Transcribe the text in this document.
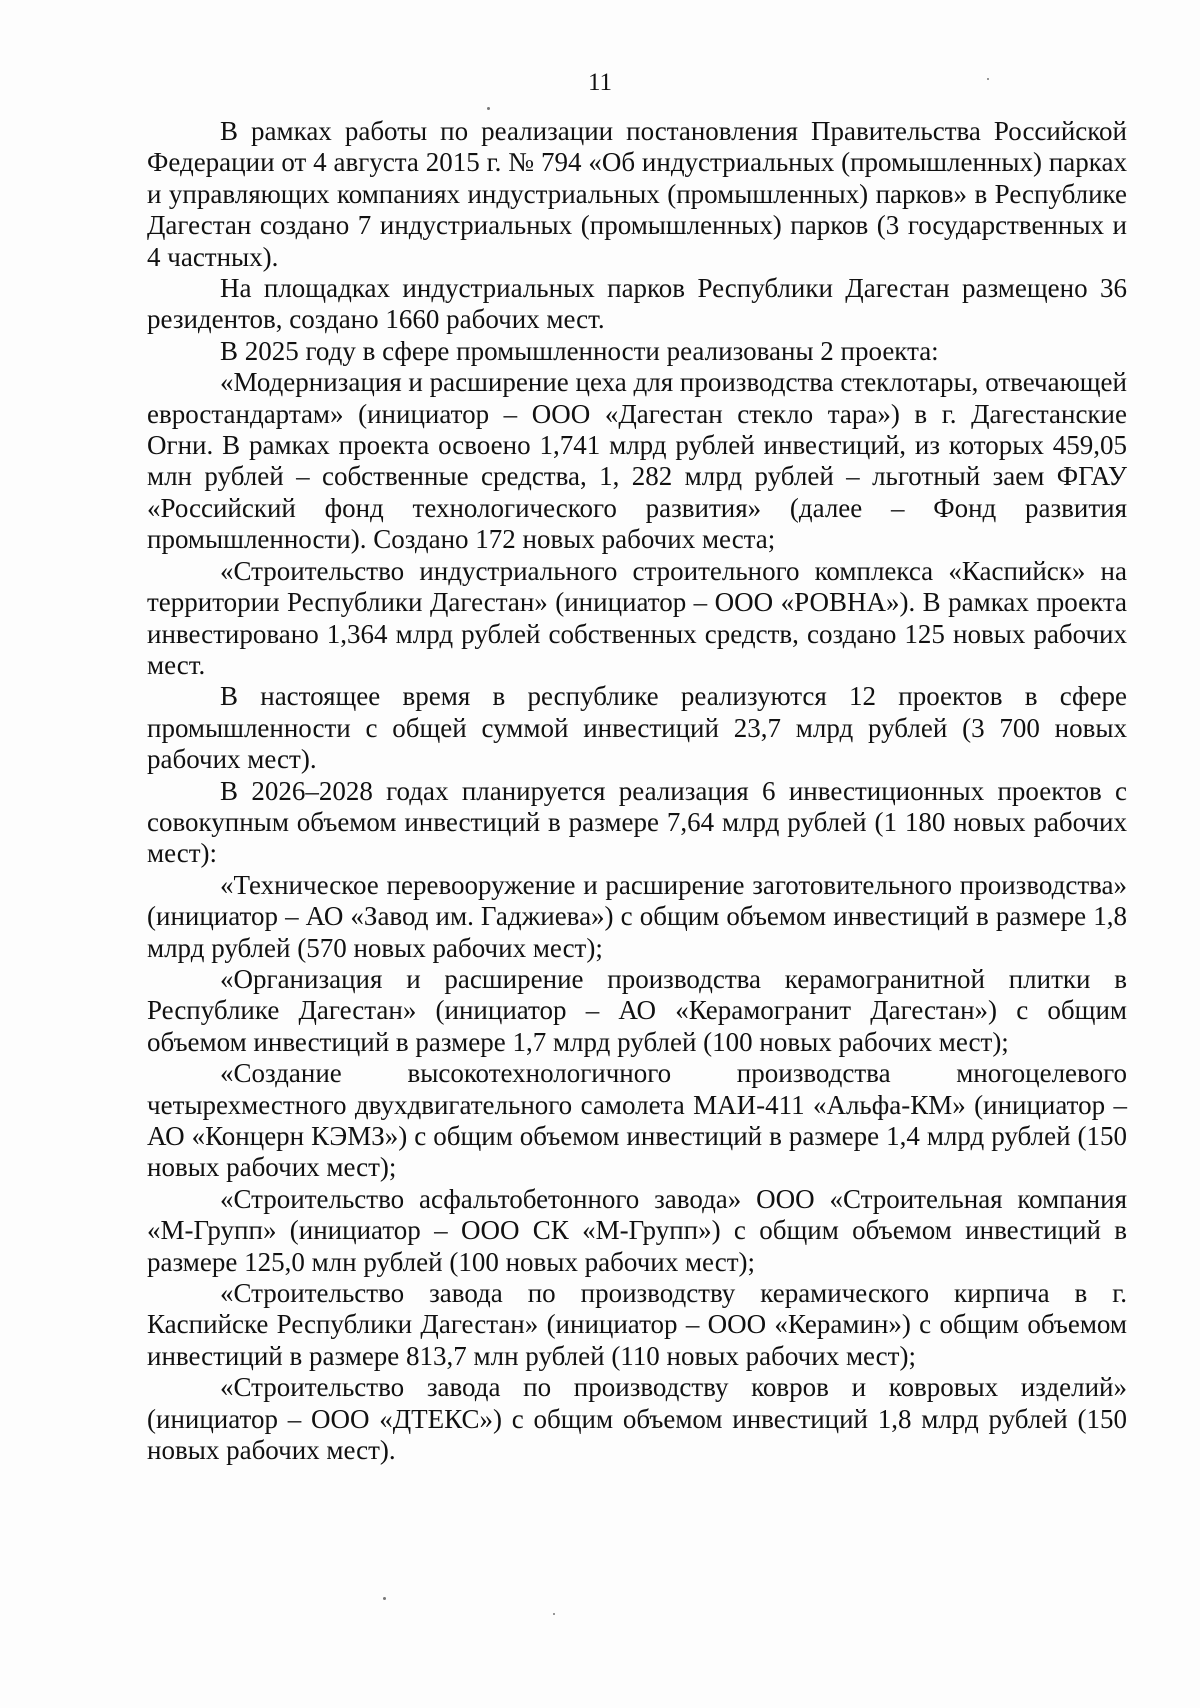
11

В рамках работы по реализации постановления Правительства Российской Федерации от 4 августа 2015 г. № 794 «Об индустриальных (промышленных) парках и управляющих компаниях индустриальных (промышленных) парков» в Республике Дагестан создано 7 индустриальных (промышленных) парков (3 государственных и 4 частных).

На площадках индустриальных парков Республики Дагестан размещено 36 резидентов, создано 1660 рабочих мест.

В 2025 году в сфере промышленности реализованы 2 проекта:

«Модернизация и расширение цеха для производства стеклотары, отвечающей евростандартам» (инициатор – ООО «Дагестан стекло тара») в г. Дагестанские Огни. В рамках проекта освоено 1,741 млрд рублей инвестиций, из которых 459,05 млн рублей – собственные средства, 1, 282 млрд рублей – льготный заем ФГАУ «Российский фонд технологического развития» (далее – Фонд развития промышленности). Создано 172 новых рабочих места;

«Строительство индустриального строительного комплекса «Каспийск» на территории Республики Дагестан» (инициатор – ООО «РОВНА»). В рамках проекта инвестировано 1,364 млрд рублей собственных средств, создано 125 новых рабочих мест.

В настоящее время в республике реализуются 12 проектов в сфере промышленности с общей суммой инвестиций 23,7 млрд рублей (3 700 новых рабочих мест).

В 2026–2028 годах планируется реализация 6 инвестиционных проектов с совокупным объемом инвестиций в размере 7,64 млрд рублей (1 180 новых рабочих мест):

«Техническое перевооружение и расширение заготовительного производства» (инициатор – АО «Завод им. Гаджиева») с общим объемом инвестиций в размере 1,8 млрд рублей (570 новых рабочих мест);

«Организация и расширение производства керамогранитной плитки в Республике Дагестан» (инициатор – АО «Керамогранит Дагестан») с общим объемом инвестиций в размере 1,7 млрд рублей (100 новых рабочих мест);

«Создание высокотехнологичного производства многоцелевого четырехместного двухдвигательного самолета МАИ-411 «Альфа-КМ» (инициатор – АО «Концерн КЭМЗ») с общим объемом инвестиций в размере 1,4 млрд рублей (150 новых рабочих мест);

«Строительство асфальтобетонного завода» ООО «Строительная компания «М-Групп» (инициатор – ООО СК «М-Групп») с общим объемом инвестиций в размере 125,0 млн рублей (100 новых рабочих мест);

«Строительство завода по производству керамического кирпича в г. Каспийске Республики Дагестан» (инициатор – ООО «Керамин») с общим объемом инвестиций в размере 813,7 млн рублей (110 новых рабочих мест);

«Строительство завода по производству ковров и ковровых изделий» (инициатор – ООО «ДТЕКС») с общим объемом инвестиций 1,8 млрд рублей (150 новых рабочих мест).
